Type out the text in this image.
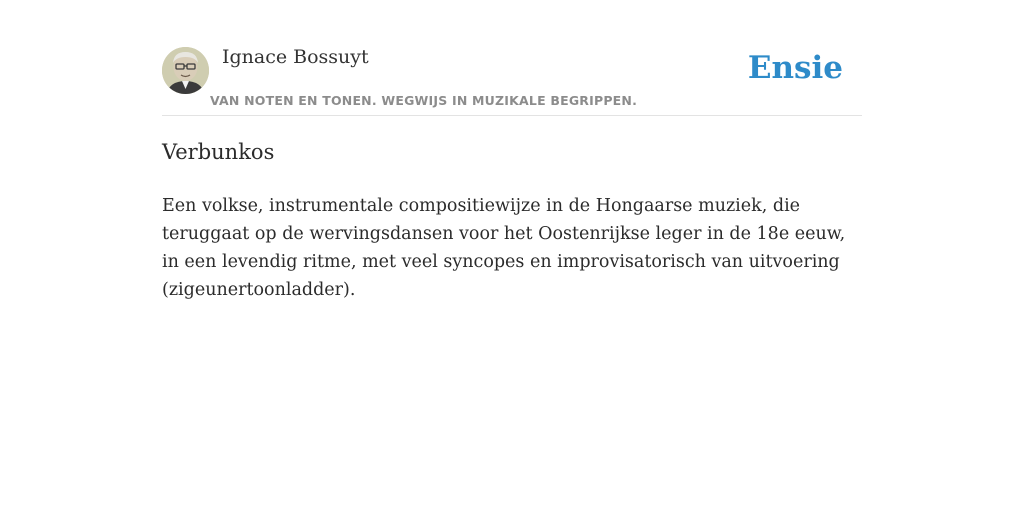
Ignace Bossuyt
VAN NOTEN EN TONEN. WEGWIJS IN MUZIKALE BEGRIPPEN.
Ensie
Verbunkos

Een volkse, instrumentale compositiewijze in de Hongaarse muziek, die teruggaat op de wervingsdansen voor het Oostenrijkse leger in de 18e eeuw, in een levendig ritme, met veel syncopes en improvisatorisch van uitvoering (zigeunertoonladder).
